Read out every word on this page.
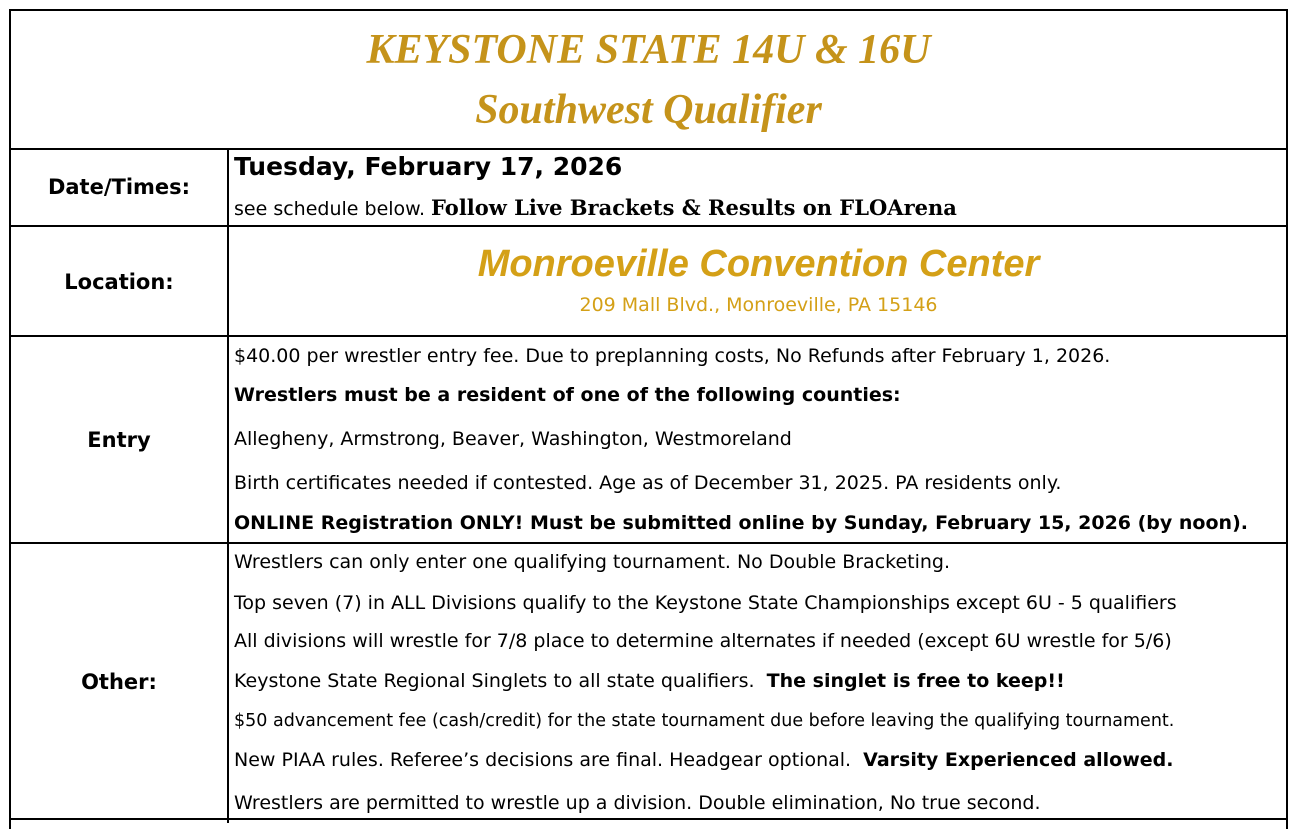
KEYSTONE STATE 14U & 16U
Southwest Qualifier
Date/Times:
Tuesday, February 17, 2026
see schedule below. Follow Live Brackets & Results on FLOArena
Location:	Monroeville Convention Center
209 Mall Blvd., Monroeville, PA 15146
Entry
$40.00 per wrestler entry fee. Due to preplanning costs, No Refunds after February 1, 2026.
Wrestlers must be a resident of one of the following counties:
Allegheny, Armstrong, Beaver, Washington, Westmoreland
Birth certificates needed if contested. Age as of December 31, 2025. PA residents only.
ONLINE Registration ONLY! Must be submitted online by Sunday, February 15, 2026 (by noon).
Other:
Wrestlers can only enter one qualifying tournament. No Double Bracketing.
Top seven (7) in ALL Divisions qualify to the Keystone State Championships except 6U - 5 qualifiers
All divisions will wrestle for 7/8 place to determine alternates if needed (except 6U wrestle for 5/6)
Keystone State Regional Singlets to all state qualifiers. The singlet is free to keep!!
$50 advancement fee (cash/credit) for the state tournament due before leaving the qualifying tournament.
New PIAA rules. Referee’s decisions are final. Headgear optional. Varsity Experienced allowed.
Wrestlers are permitted to wrestle up a division. Double elimination, No true second.
